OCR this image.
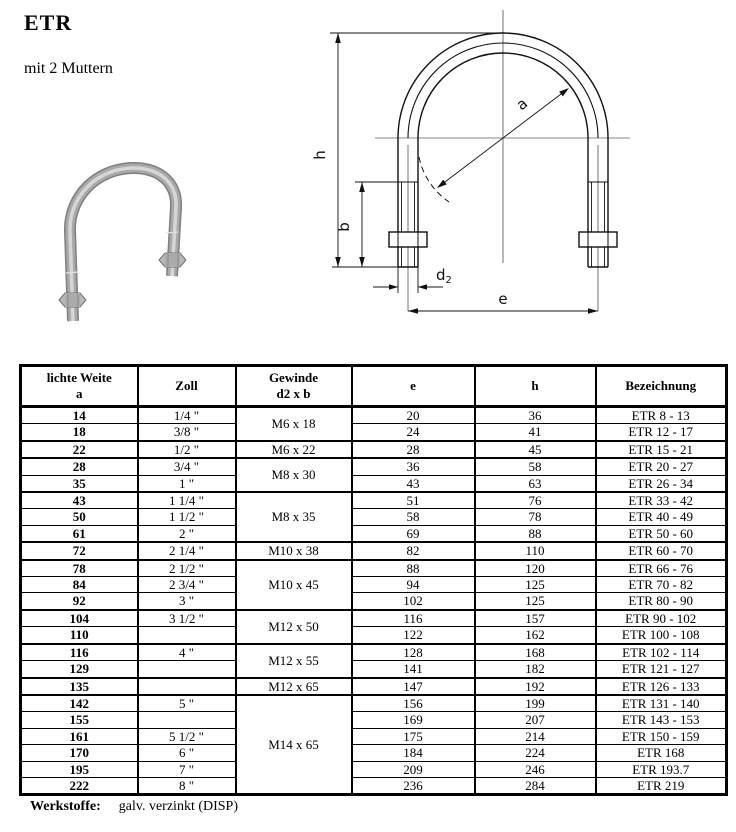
ETR
mit 2 Muttern
h
b
a
$d_2$
e
lichte Weite
a	Zoll	Gewinde
d2 x b	e	h	Bezeichnung
14	1/4 "	M6 x 18	20	36	ETR 8 - 13
18	3/8 "		24	41	ETR 12 - 17
22	1/2 "	M6 x 22	28	45	ETR 15 - 21
28	3/4 "	M8 x 30	36	58	ETR 20 - 27
35	1 "		43	63	ETR 26 - 34
43	1 1/4 "	M8 x 35	51	76	ETR 33 - 42
50	1 1/2 "		58	78	ETR 40 - 49
61	2 "		69	88	ETR 50 - 60
72	2 1/4 "	M10 x 38	82	110	ETR 60 - 70
78	2 1/2 "	M10 x 45	88	120	ETR 66 - 76
84	2 3/4 "		94	125	ETR 70 - 82
92	3 "		102	125	ETR 80 - 90
104	3 1/2 "	M12 x 50	116	157	ETR 90 - 102
110			122	162	ETR 100 - 108
116	4 "	M12 x 55	128	168	ETR 102 - 114
129			141	182	ETR 121 - 127
135		M12 x 65	147	192	ETR 126 - 133
142	5 "	M14 x 65	156	199	ETR 131 - 140
155			169	207	ETR 143 - 153
161	5 1/2 "		175	214	ETR 150 - 159
170	6 "		184	224	ETR 168
195	7 "		209	246	ETR 193.7
222	8 "		236	284	ETR 219
Werkstoffe: galv. verzinkt (DISP)
